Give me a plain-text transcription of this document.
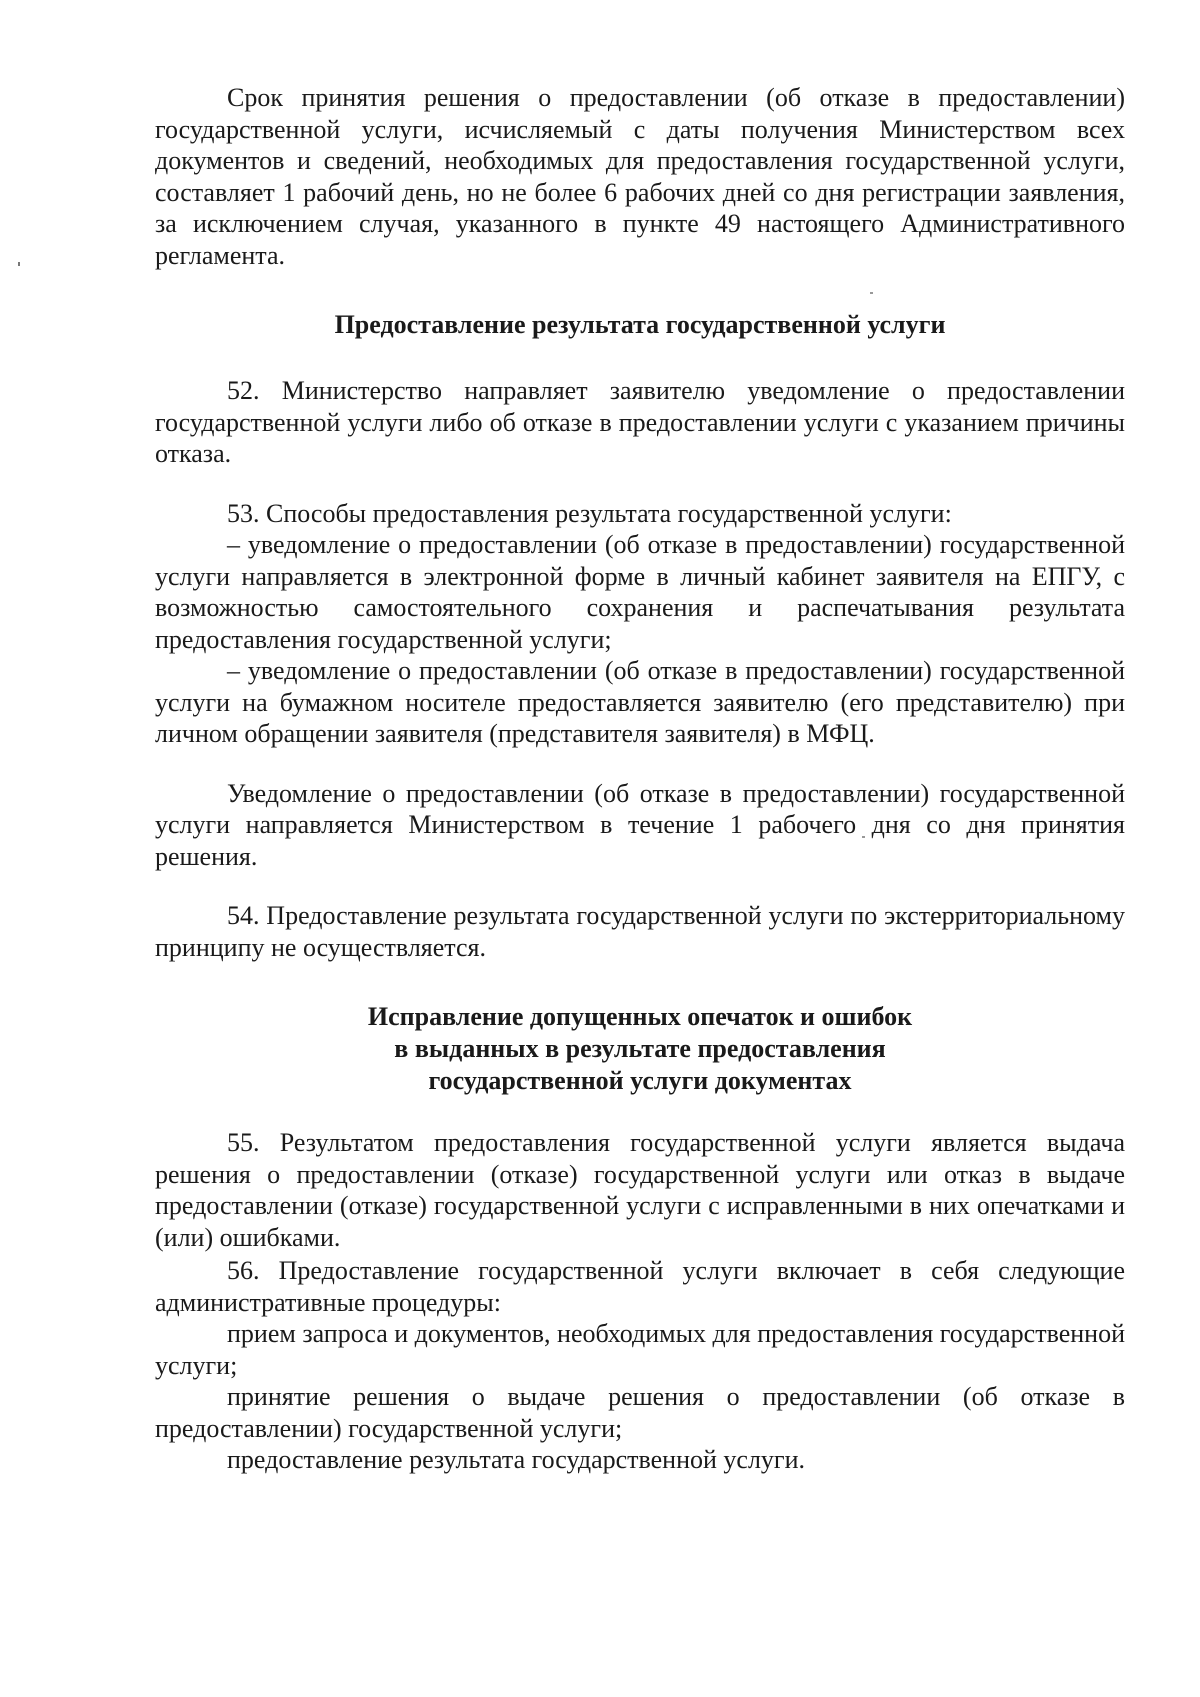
Срок принятия решения о предоставлении (об отказе в предоставлении) государственной услуги, исчисляемый с даты получения Министерством всех документов и сведений, необходимых для предоставления государственной услуги, составляет 1 рабочий день, но не более 6 рабочих дней со дня регистрации заявления, за исключением случая, указанного в пункте 49 настоящего Административного регламента.

Предоставление результата государственной услуги

52. Министерство направляет заявителю уведомление о предоставлении государственной услуги либо об отказе в предоставлении услуги с указанием причины отказа.

53. Способы предоставления результата государственной услуги:

– уведомление о предоставлении (об отказе в предоставлении) государственной услуги направляется в электронной форме в личный кабинет заявителя на ЕПГУ, с возможностью самостоятельного сохранения и распечатывания результата предоставления государственной услуги;

– уведомление о предоставлении (об отказе в предоставлении) государственной услуги на бумажном носителе предоставляется заявителю (его представителю) при личном обращении заявителя (представителя заявителя) в МФЦ.

Уведомление о предоставлении (об отказе в предоставлении) государственной услуги направляется Министерством в течение 1 рабочего дня со дня принятия решения.

54. Предоставление результата государственной услуги по экстерриториальному принципу не осуществляется.

Исправление допущенных опечаток и ошибок
в выданных в результате предоставления
государственной услуги документах

55. Результатом предоставления государственной услуги является выдача решения о предоставлении (отказе) государственной услуги или отказ в выдаче предоставлении (отказе) государственной услуги с исправленными в них опечатками и (или) ошибками.

56. Предоставление государственной услуги включает в себя следующие административные процедуры:

прием запроса и документов, необходимых для предоставления государственной услуги;

принятие решения о выдаче решения о предоставлении (об отказе в предоставлении) государственной услуги;

предоставление результата государственной услуги.
